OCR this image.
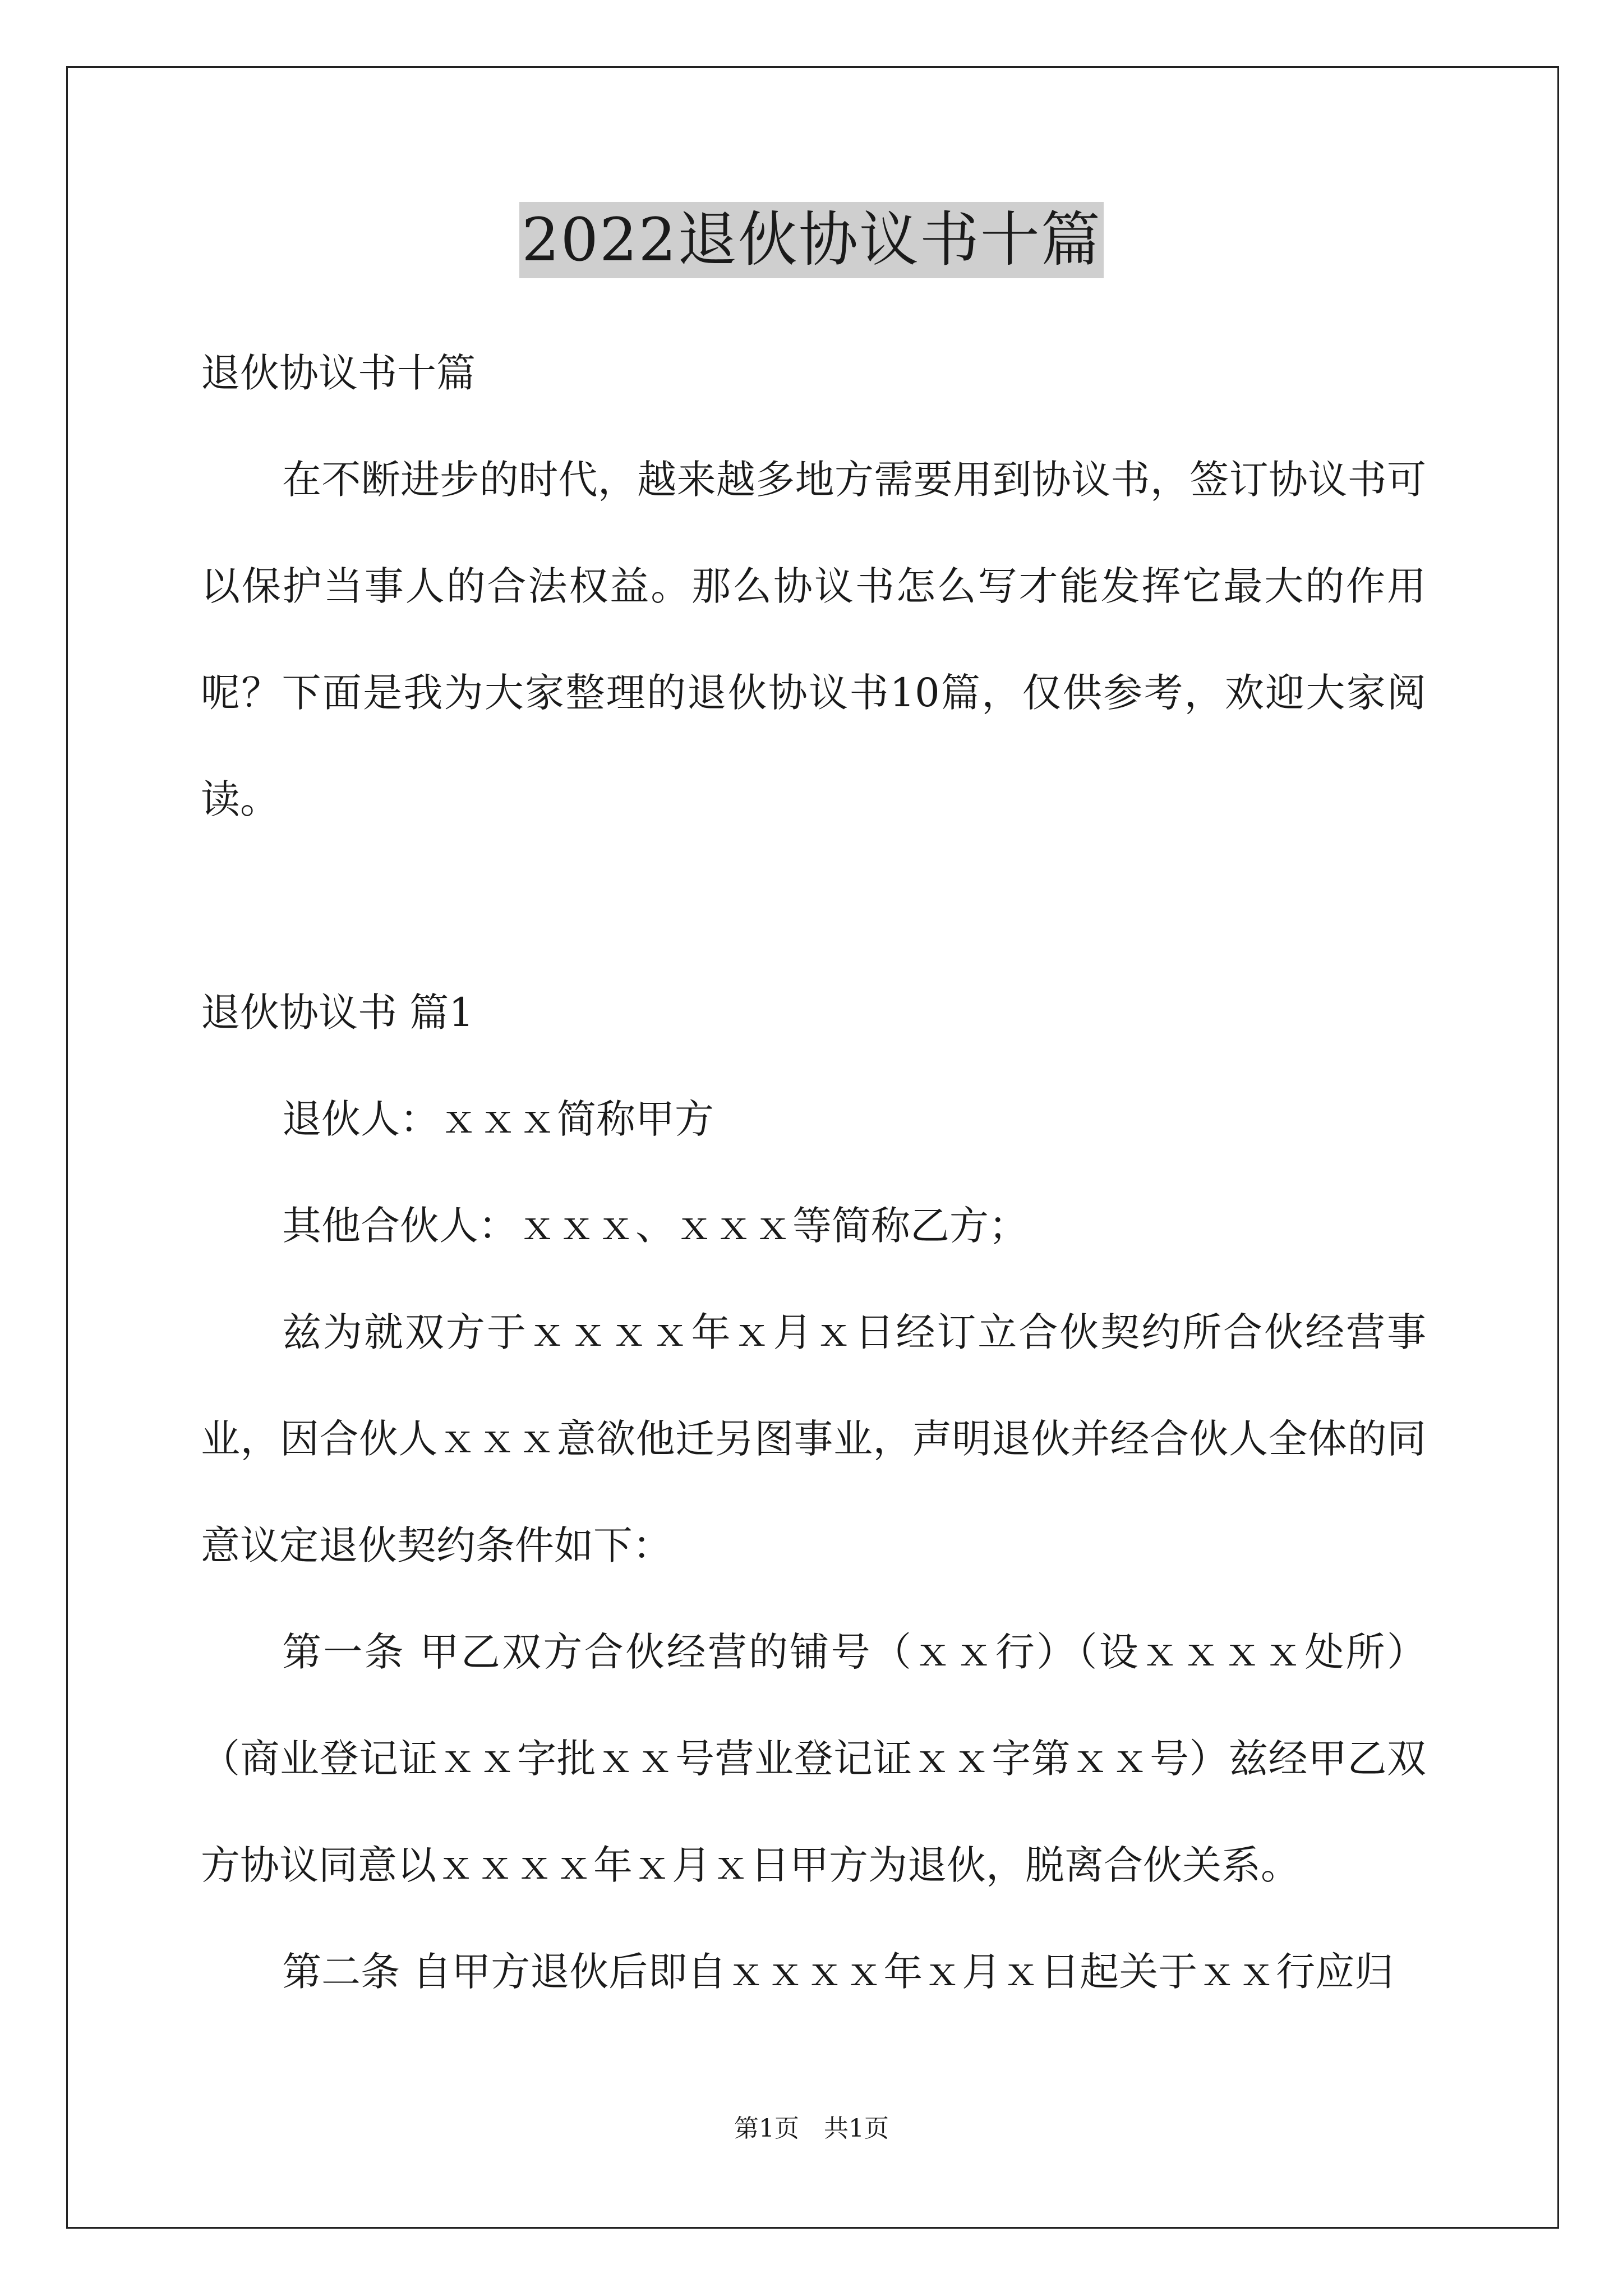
2022退伙协议书十篇
退伙协议书十篇

在不断进步的时代，越来越多地方需要用到协议书，签订协议书可以保护当事人的合法权益。那么协议书怎么写才能发挥它最大的作用呢？下面是我为大家整理的退伙协议书10篇，仅供参考，欢迎大家阅读。

退伙协议书 篇1

退伙人：ｘｘｘ简称甲方

其他合伙人：ｘｘｘ、ｘｘｘ等简称乙方；

兹为就双方于ｘｘｘｘ年ｘ月ｘ日经订立合伙契约所合伙经营事业，因合伙人ｘｘｘ意欲他迁另图事业，声明退伙并经合伙人全体的同意议定退伙契约条件如下：

第一条 甲乙双方合伙经营的铺号（ｘｘ行）（设ｘｘｘｘ处所）（商业登记证ｘｘ字批ｘｘ号营业登记证ｘｘ字第ｘｘ号）兹经甲乙双方协议同意以ｘｘｘｘ年ｘ月ｘ日甲方为退伙，脱离合伙关系。

第二条 自甲方退伙后即自ｘｘｘｘ年ｘ月ｘ日起关于ｘｘ行应归

第1页 共1页
